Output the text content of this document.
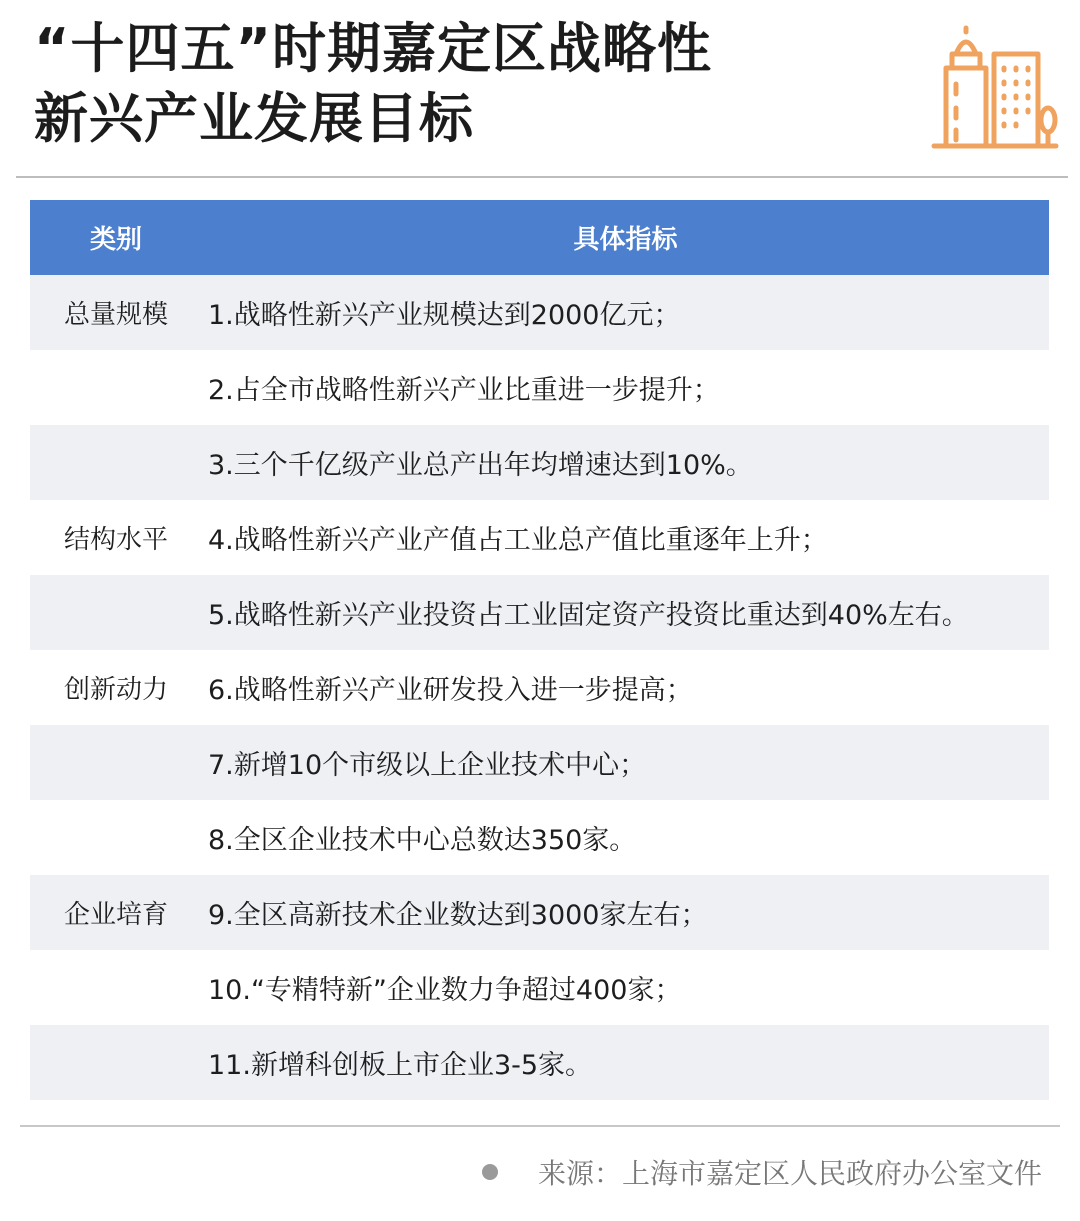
“十四五”时期嘉定区战略性
新兴产业发展目标
类别	具体指标
总量规模	1.战略性新兴产业规模达到2000亿元；
2.占全市战略性新兴产业比重进一步提升；
3.三个千亿级产业总产出年均增速达到10%。
结构水平	4.战略性新兴产业产值占工业总产值比重逐年上升；
5.战略性新兴产业投资占工业固定资产投资比重达到40%左右。
创新动力	6.战略性新兴产业研发投入进一步提高；
7.新增10个市级以上企业技术中心；
8.全区企业技术中心总数达350家。
企业培育	9.全区高新技术企业数达到3000家左右；
10.“专精特新”企业数力争超过400家；
11.新增科创板上市企业3-5家。
来源：上海市嘉定区人民政府办公室文件
